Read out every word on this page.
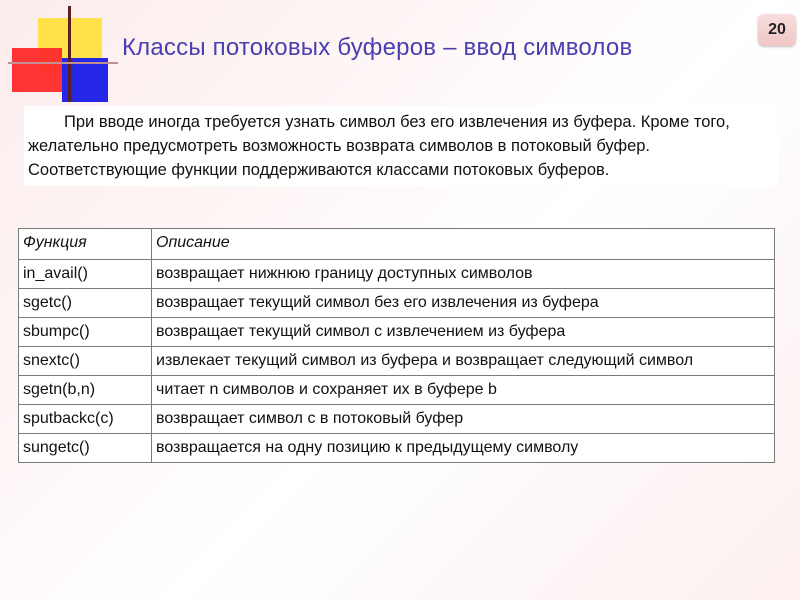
20
Классы потоковых буферов – ввод символов
При вводе иногда требуется узнать символ без его извлечения из буфера. Кроме того, желательно предусмотреть возможность возврата символов в потоковый буфер. Соответствующие функции поддерживаются классами потоковых буферов.
Функция	Описание
in_avail()	возвращает нижнюю границу доступных символов
sgetc()	возвращает текущий символ без его извлечения из буфера
sbumpc()	возвращает текущий символ с извлечением из буфера
snextc()	извлекает текущий символ из буфера и возвращает следующий символ
sgetn(b,n)	читает n символов и сохраняет их в буфере b
sputbackc(c)	возвращает символ c в потоковый буфер
sungetc()	возвращается на одну позицию к предыдущему символу
